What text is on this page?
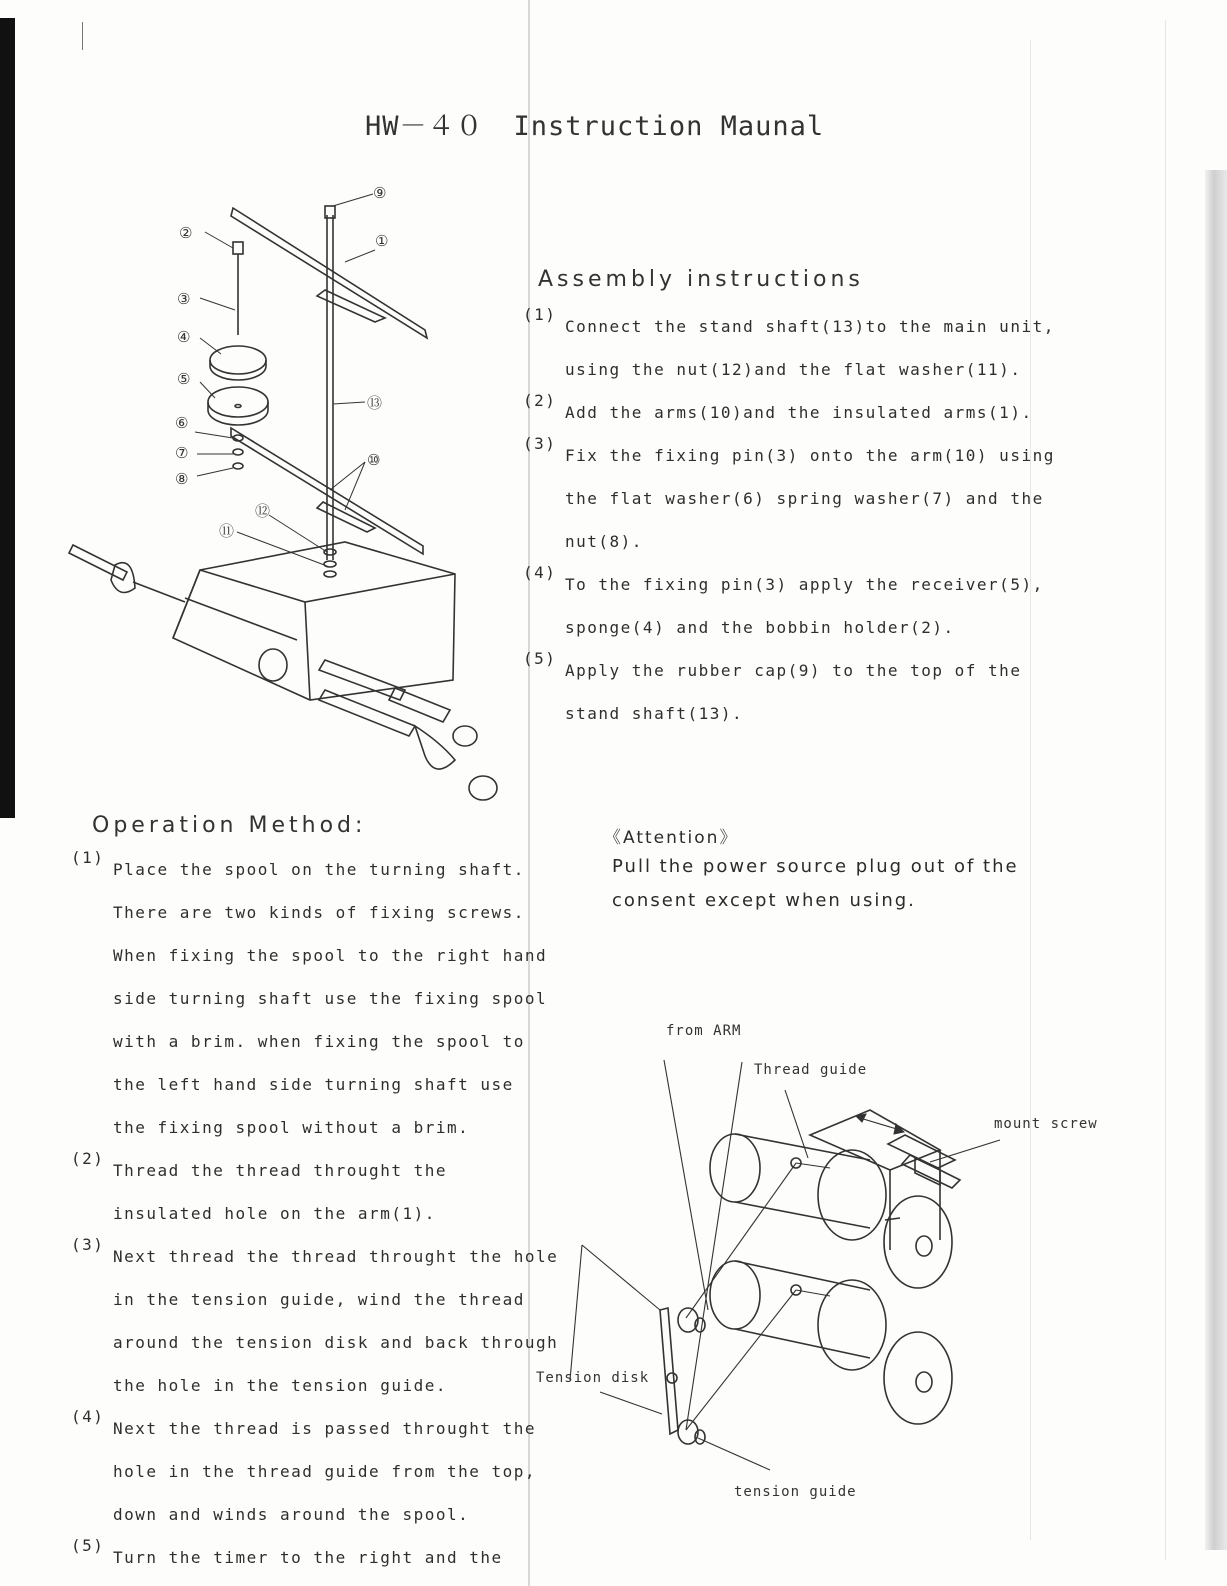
HW－４０ Instruction Maunal
⑨
①
②
③
④
⑤
⑬
⑥
⑦
⑧
⑩
⑫
⑪
Assembly instructions
(1)
Connect the stand shaft(13)to the main unit,
using the nut(12)and the flat washer(11).
(2)
Add the arms(10)and the insulated arms(1).
(3)
Fix the fixing pin(3) onto the arm(10) using
the flat washer(6) spring washer(7) and the
nut(8).
(4)
To the fixing pin(3) apply the receiver(5),
sponge(4) and the bobbin holder(2).
(5)
Apply the rubber cap(9) to the top of the
stand shaft(13).
Operation Method:
(1)
Place the spool on the turning shaft.
There are two kinds of fixing screws.
When fixing the spool to the right hand
side turning shaft use the fixing spool
with a brim. when fixing the spool to
the left hand side turning shaft use
the fixing spool without a brim.
(2)
Thread the thread throught the
insulated hole on the arm(1).
(3)
Next thread the thread throught the hole
in the tension guide, wind the thread
around the tension disk and back through
the hole in the tension guide.
(4)
Next the thread is passed throught the
hole in the thread guide from the top,
down and winds around the spool.
(5)
Turn the timer to the right and the
《Attention》
Pull the power source plug out of the
consent except when using.
from ARM
Thread guide
mount screw
Tension disk
tension guide
